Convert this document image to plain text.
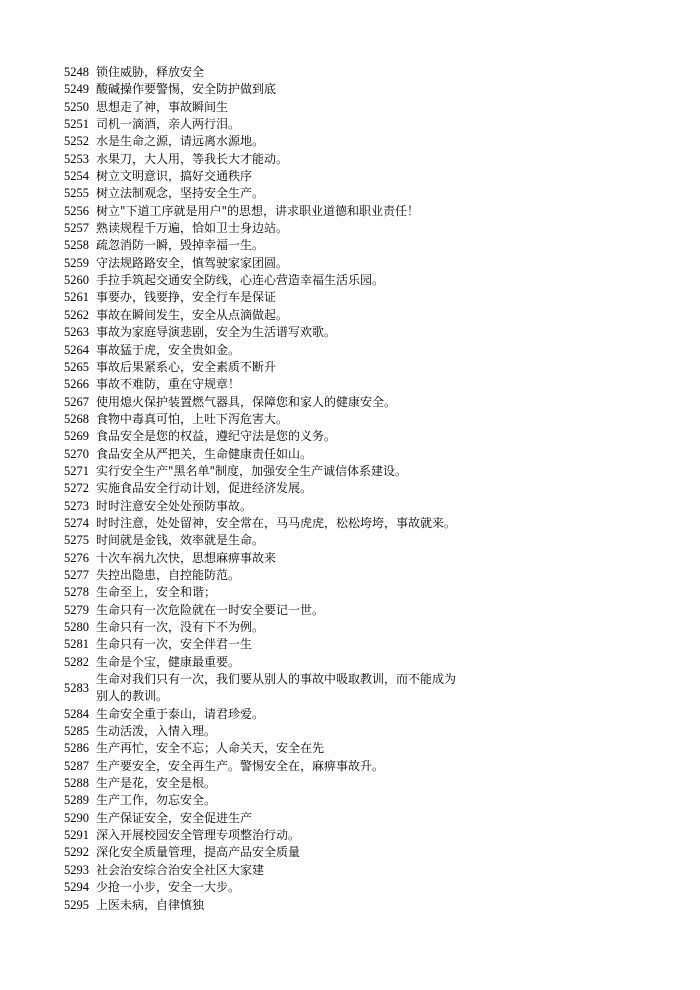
5248 锁住威胁，释放安全
5249 酸碱操作要警惕，安全防护做到底
5250 思想走了神，事故瞬间生
5251 司机一滴酒，亲人两行泪。
5252 水是生命之源，请远离水源地。
5253 水果刀，大人用，等我长大才能动。
5254 树立文明意识，搞好交通秩序
5255 树立法制观念，坚持安全生产。
5256 树立"下道工序就是用户"的思想，讲求职业道德和职业责任！
5257 熟读规程千万遍，恰如卫士身边站。
5258 疏忽消防一瞬，毁掉幸福一生。
5259 守法规路路安全，慎驾驶家家团圆。
5260 手拉手筑起交通安全防线，心连心营造幸福生活乐园。
5261 事要办，钱要挣，安全行车是保证
5262 事故在瞬间发生，安全从点滴做起。
5263 事故为家庭导演悲剧，安全为生活谱写欢歌。
5264 事故猛于虎，安全贵如金。
5265 事故后果紧系心，安全素质不断升
5266 事故不难防，重在守规章！
5267 使用熄火保护装置燃气器具，保障您和家人的健康安全。
5268 食物中毒真可怕，上吐下泻危害大。
5269 食品安全是您的权益，遵纪守法是您的义务。
5270 食品安全从严把关，生命健康责任如山。
5271 实行安全生产"黑名单"制度，加强安全生产诚信体系建设。
5272 实施食品安全行动计划，促进经济发展。
5273 时时注意安全处处预防事故。
5274 时时注意，处处留神，安全常在，马马虎虎，松松垮垮，事故就来。
5275 时间就是金钱，效率就是生命。
5276 十次车祸九次快，思想麻痹事故来
5277 失控出隐患，自控能防范。
5278 生命至上，安全和谐；
5279 生命只有一次危险就在一时安全要记一世。
5280 生命只有一次，没有下不为例。
5281 生命只有一次，安全伴君一生
5282 生命是个宝，健康最重要。
5283
生命对我们只有一次，我们要从别人的事故中吸取教训，而不能成为别人的教训。
5284 生命安全重于泰山，请君珍爱。
5285 生动活泼，入情入理。
5286 生产再忙，安全不忘；人命关天，安全在先
5287 生产要安全，安全再生产。警惕安全在，麻痹事故升。
5288 生产是花，安全是根。
5289 生产工作，勿忘安全。
5290 生产保证安全，安全促进生产
5291 深入开展校园安全管理专项整治行动。
5292 深化安全质量管理，提高产品安全质量
5293 社会治安综合治安全社区大家建
5294 少抢一小步，安全一大步。
5295 上医未病，自律慎独
